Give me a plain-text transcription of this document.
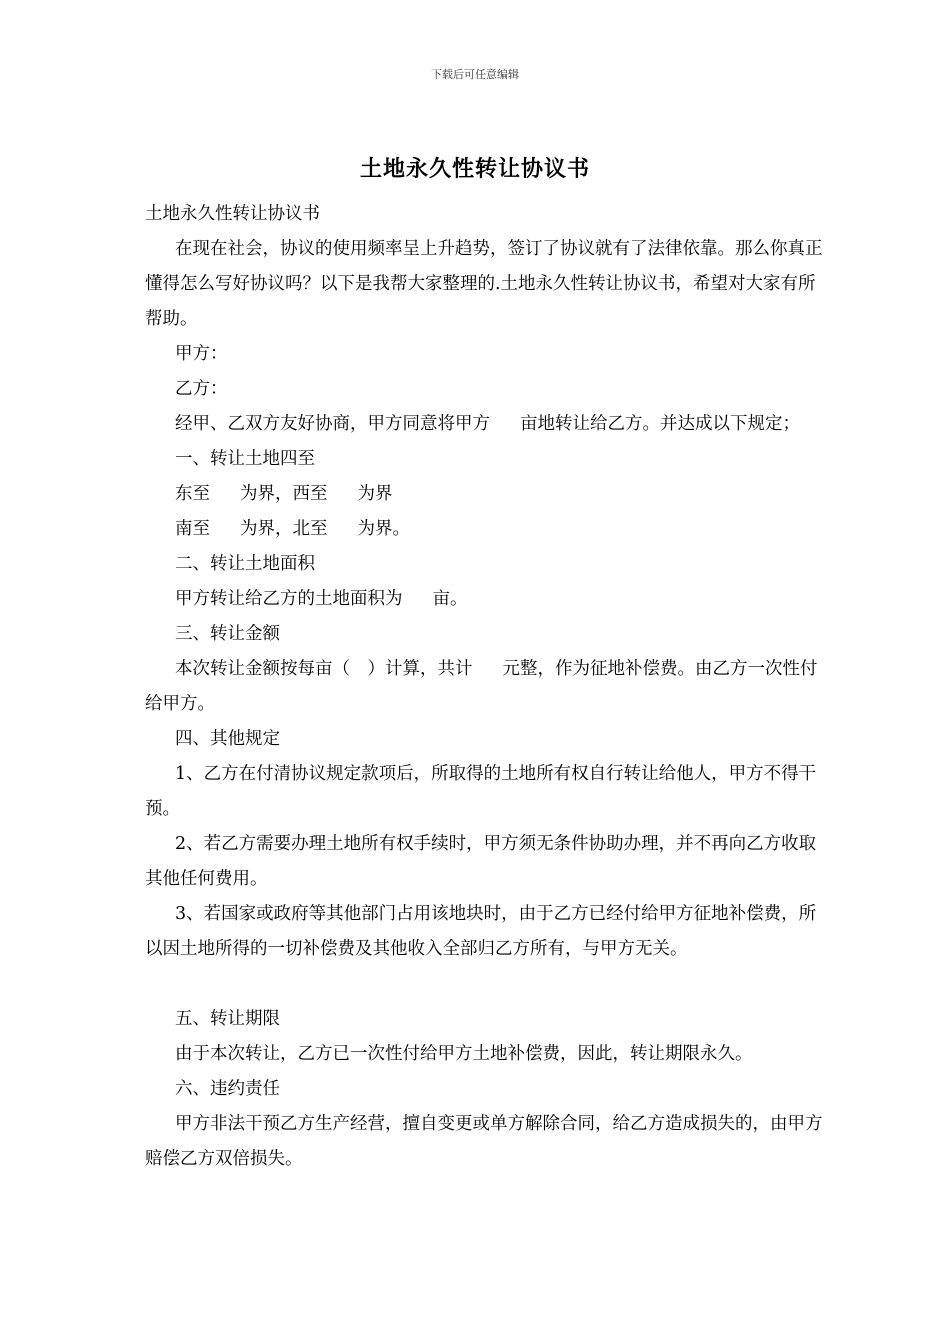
下载后可任意编辑
土地永久性转让协议书

土地永久性转让协议书

在现在社会，协议的使用频率呈上升趋势，签订了协议就有了法律依靠。那么你真正懂得怎么写好协议吗？以下是我帮大家整理的.土地永久性转让协议书，希望对大家有所帮助。

甲方：

乙方：

经甲、乙双方友好协商，甲方同意将甲方 亩地转让给乙方。并达成以下规定；

一、转让土地四至

东至 为界，西至 为界

南至 为界，北至 为界。

二、转让土地面积

甲方转让给乙方的土地面积为 亩。

三、转让金额

本次转让金额按每亩（　）计算，共计 元整，作为征地补偿费。由乙方一次性付给甲方。

四、其他规定

1、乙方在付清协议规定款项后，所取得的土地所有权自行转让给他人，甲方不得干预。

2、若乙方需要办理土地所有权手续时，甲方须无条件协助办理，并不再向乙方收取其他任何费用。

3、若国家或政府等其他部门占用该地块时，由于乙方已经付给甲方征地补偿费，所以因土地所得的一切补偿费及其他收入全部归乙方所有，与甲方无关。

五、转让期限

由于本次转让，乙方已一次性付给甲方土地补偿费，因此，转让期限永久。

六、违约责任

甲方非法干预乙方生产经营，擅自变更或单方解除合同，给乙方造成损失的，由甲方赔偿乙方双倍损失。
